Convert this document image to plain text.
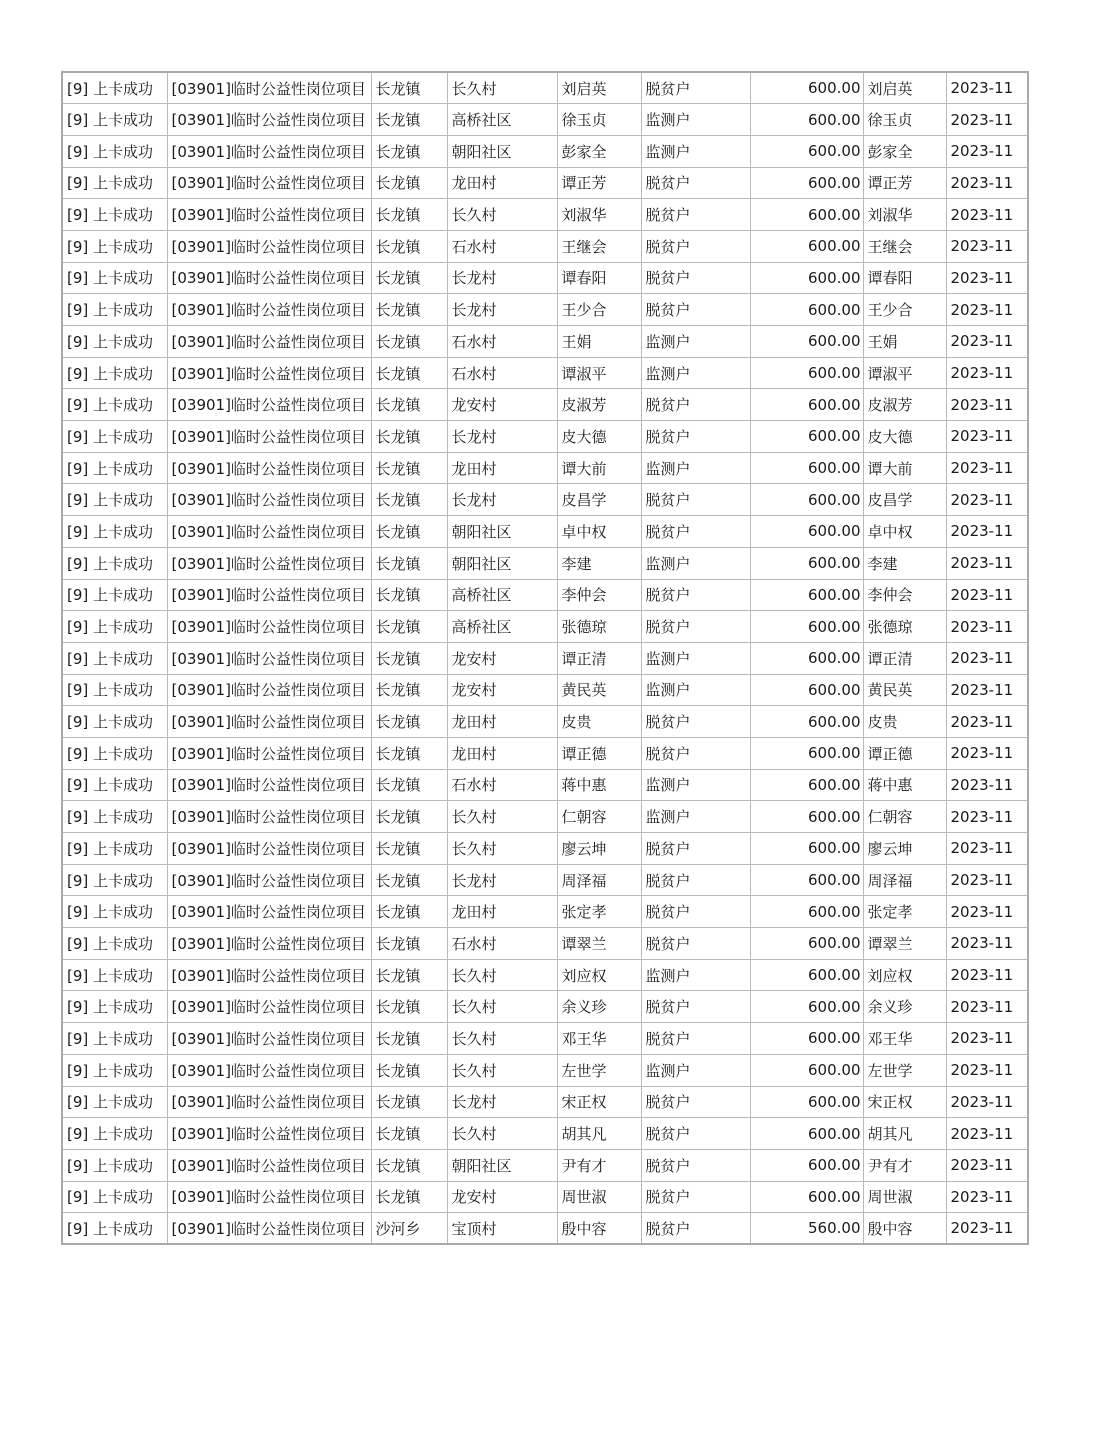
[9] 上卡成功	[03901]临时公益性岗位项目	长龙镇	长久村	刘启英	脱贫户	600.00	刘启英	2023-11
[9] 上卡成功	[03901]临时公益性岗位项目	长龙镇	高桥社区	徐玉贞	监测户	600.00	徐玉贞	2023-11
[9] 上卡成功	[03901]临时公益性岗位项目	长龙镇	朝阳社区	彭家全	监测户	600.00	彭家全	2023-11
[9] 上卡成功	[03901]临时公益性岗位项目	长龙镇	龙田村	谭正芳	脱贫户	600.00	谭正芳	2023-11
[9] 上卡成功	[03901]临时公益性岗位项目	长龙镇	长久村	刘淑华	脱贫户	600.00	刘淑华	2023-11
[9] 上卡成功	[03901]临时公益性岗位项目	长龙镇	石水村	王继会	脱贫户	600.00	王继会	2023-11
[9] 上卡成功	[03901]临时公益性岗位项目	长龙镇	长龙村	谭春阳	脱贫户	600.00	谭春阳	2023-11
[9] 上卡成功	[03901]临时公益性岗位项目	长龙镇	长龙村	王少合	脱贫户	600.00	王少合	2023-11
[9] 上卡成功	[03901]临时公益性岗位项目	长龙镇	石水村	王娟	监测户	600.00	王娟	2023-11
[9] 上卡成功	[03901]临时公益性岗位项目	长龙镇	石水村	谭淑平	监测户	600.00	谭淑平	2023-11
[9] 上卡成功	[03901]临时公益性岗位项目	长龙镇	龙安村	皮淑芳	脱贫户	600.00	皮淑芳	2023-11
[9] 上卡成功	[03901]临时公益性岗位项目	长龙镇	长龙村	皮大德	脱贫户	600.00	皮大德	2023-11
[9] 上卡成功	[03901]临时公益性岗位项目	长龙镇	龙田村	谭大前	监测户	600.00	谭大前	2023-11
[9] 上卡成功	[03901]临时公益性岗位项目	长龙镇	长龙村	皮昌学	脱贫户	600.00	皮昌学	2023-11
[9] 上卡成功	[03901]临时公益性岗位项目	长龙镇	朝阳社区	卓中权	脱贫户	600.00	卓中权	2023-11
[9] 上卡成功	[03901]临时公益性岗位项目	长龙镇	朝阳社区	李建	监测户	600.00	李建	2023-11
[9] 上卡成功	[03901]临时公益性岗位项目	长龙镇	高桥社区	李仲会	脱贫户	600.00	李仲会	2023-11
[9] 上卡成功	[03901]临时公益性岗位项目	长龙镇	高桥社区	张德琼	脱贫户	600.00	张德琼	2023-11
[9] 上卡成功	[03901]临时公益性岗位项目	长龙镇	龙安村	谭正清	监测户	600.00	谭正清	2023-11
[9] 上卡成功	[03901]临时公益性岗位项目	长龙镇	龙安村	黄民英	监测户	600.00	黄民英	2023-11
[9] 上卡成功	[03901]临时公益性岗位项目	长龙镇	龙田村	皮贵	脱贫户	600.00	皮贵	2023-11
[9] 上卡成功	[03901]临时公益性岗位项目	长龙镇	龙田村	谭正德	脱贫户	600.00	谭正德	2023-11
[9] 上卡成功	[03901]临时公益性岗位项目	长龙镇	石水村	蒋中惠	监测户	600.00	蒋中惠	2023-11
[9] 上卡成功	[03901]临时公益性岗位项目	长龙镇	长久村	仁朝容	监测户	600.00	仁朝容	2023-11
[9] 上卡成功	[03901]临时公益性岗位项目	长龙镇	长久村	廖云坤	脱贫户	600.00	廖云坤	2023-11
[9] 上卡成功	[03901]临时公益性岗位项目	长龙镇	长龙村	周泽福	脱贫户	600.00	周泽福	2023-11
[9] 上卡成功	[03901]临时公益性岗位项目	长龙镇	龙田村	张定孝	脱贫户	600.00	张定孝	2023-11
[9] 上卡成功	[03901]临时公益性岗位项目	长龙镇	石水村	谭翠兰	脱贫户	600.00	谭翠兰	2023-11
[9] 上卡成功	[03901]临时公益性岗位项目	长龙镇	长久村	刘应权	监测户	600.00	刘应权	2023-11
[9] 上卡成功	[03901]临时公益性岗位项目	长龙镇	长久村	余义珍	脱贫户	600.00	余义珍	2023-11
[9] 上卡成功	[03901]临时公益性岗位项目	长龙镇	长久村	邓王华	脱贫户	600.00	邓王华	2023-11
[9] 上卡成功	[03901]临时公益性岗位项目	长龙镇	长久村	左世学	监测户	600.00	左世学	2023-11
[9] 上卡成功	[03901]临时公益性岗位项目	长龙镇	长龙村	宋正权	脱贫户	600.00	宋正权	2023-11
[9] 上卡成功	[03901]临时公益性岗位项目	长龙镇	长久村	胡其凡	脱贫户	600.00	胡其凡	2023-11
[9] 上卡成功	[03901]临时公益性岗位项目	长龙镇	朝阳社区	尹有才	脱贫户	600.00	尹有才	2023-11
[9] 上卡成功	[03901]临时公益性岗位项目	长龙镇	龙安村	周世淑	脱贫户	600.00	周世淑	2023-11
[9] 上卡成功	[03901]临时公益性岗位项目	沙河乡	宝顶村	殷中容	脱贫户	560.00	殷中容	2023-11
